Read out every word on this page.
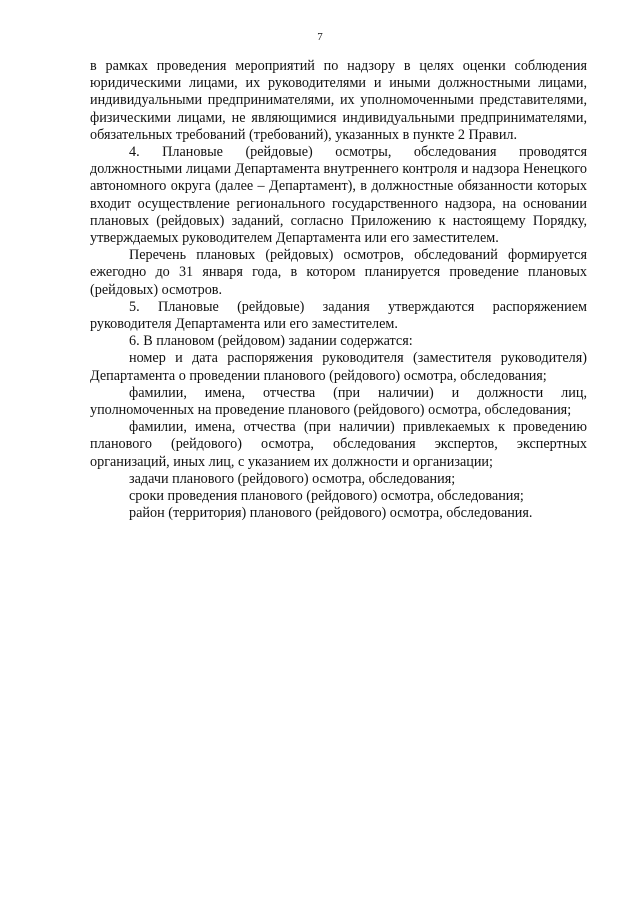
7

в рамках проведения мероприятий по надзору в целях оценки соблюдения юридическими лицами, их руководителями и иными должностными лицами, индивидуальными предпринимателями, их уполномоченными представителями, физическими лицами, не являющимися индивидуальными предпринимателями, обязательных требований (требований), указанных в пункте 2 Правил.

4. Плановые (рейдовые) осмотры, обследования проводятся должностными лицами Департамента внутреннего контроля и надзора Ненецкого автономного округа (далее – Департамент), в должностные обязанности которых входит осуществление регионального государственного надзора, на основании плановых (рейдовых) заданий, согласно Приложению к настоящему Порядку, утверждаемых руководителем Департамента или его заместителем.

Перечень плановых (рейдовых) осмотров, обследований формируется ежегодно до 31 января года, в котором планируется проведение плановых (рейдовых) осмотров.

5. Плановые (рейдовые) задания утверждаются распоряжением руководителя Департамента или его заместителем.

6. В плановом (рейдовом) задании содержатся:

номер и дата распоряжения руководителя (заместителя руководителя) Департамента о проведении планового (рейдового) осмотра, обследования;

фамилии, имена, отчества (при наличии) и должности лиц, уполномоченных на проведение планового (рейдового) осмотра, обследования;

фамилии, имена, отчества (при наличии) привлекаемых к проведению планового (рейдового) осмотра, обследования экспертов, экспертных организаций, иных лиц, с указанием их должности и организации;

задачи планового (рейдового) осмотра, обследования;

сроки проведения планового (рейдового) осмотра, обследования;

район (территория) планового (рейдового) осмотра, обследования.
